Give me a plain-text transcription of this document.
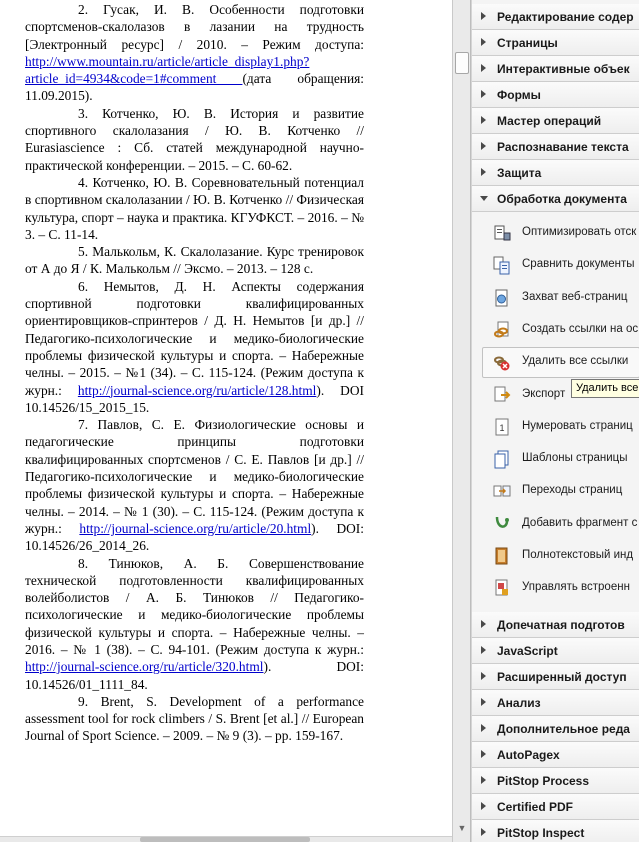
2. Гусак, И. В. Особенности подготовки спортсменов-скалолазов в лазании на трудность [Электронный ресурс] / 2010. – Режим доступа: http://www.mountain.ru/article/article_display1.php?article_id=4934&code=1#comment (дата обращения: 11.09.2015).

3. Котченко, Ю. В. История и развитие спортивного скалолазания / Ю. В. Котченко // Eurasiascience : Сб. статей международной научно-практической конференции. – 2015. – С. 60-62.

4. Котченко, Ю. В. Соревновательный потенциал в спортивном скалолазании / Ю. В. Котченко // Физическая культура, спорт – наука и практика. КГУФКСТ. – 2016. – № 3. – С. 11-14.

5. Малькольм, К. Скалолазание. Курс тренировок от А до Я / К. Малькольм // Эксмо. – 2013. – 128 с.

6. Немытов, Д. Н. Аспекты содержания спортивной подготовки квалифицированных ориентировщиков-спринтеров / Д. Н. Немытов [и др.] // Педагогико-психологические и медико-биологические проблемы физической культуры и спорта. – Набережные челны. – 2015. – №1 (34). – С. 115-124. (Режим доступа к журн.: http://journal-science.org/ru/article/128.html). DOI 10.14526/15_2015_15.

7. Павлов, С. Е. Физиологические основы и педагогические принципы подготовки квалифицированных спортсменов / С. Е. Павлов [и др.] // Педагогико-психологические и медико-биологические проблемы физической культуры и спорта. – Набережные челны. – 2014. – № 1 (30). – С. 115-124. (Режим доступа к журн.: http://journal-science.org/ru/article/20.html). DOI: 10.14526/26_2014_26.

8. Тинюков, А. Б. Совершенствование технической подготовленности квалифицированных волейболистов / А. Б. Тинюков // Педагогико-психологические и медико-биологические проблемы физической культуры и спорта. – Набережные челны. – 2016. – № 1 (38). – С. 94-101. (Режим доступа к журн.: http://journal-science.org/ru/article/320.html). DOI: 10.14526/01_1111_84.

9. Brent, S. Development of a performance assessment tool for rock climbers / S. Brent [et al.] // European Journal of Sport Science. – 2009. – № 9 (3). – pp. 159-167.

▼
Редактирование содер
Страницы
Интерактивные объек
Формы
Мастер операций
Распознавание текста
Защита
Обработка документа
Оптимизировать отск
Сравнить документы
Захват веб-страниц
Создать ссылки на ос
Удалить все ссылки
Экспорт
1 Нумеровать страниц
Шаблоны страницы
Переходы страниц
Добавить фрагмент с
Полнотекстовый инд
Управлять встроенн
Допечатная подготов
JavaScript
Расширенный доступ
Анализ
Дополнительное реда
AutoPagex
PitStop Process
Certified PDF
PitStop Inspect
Удалить все
